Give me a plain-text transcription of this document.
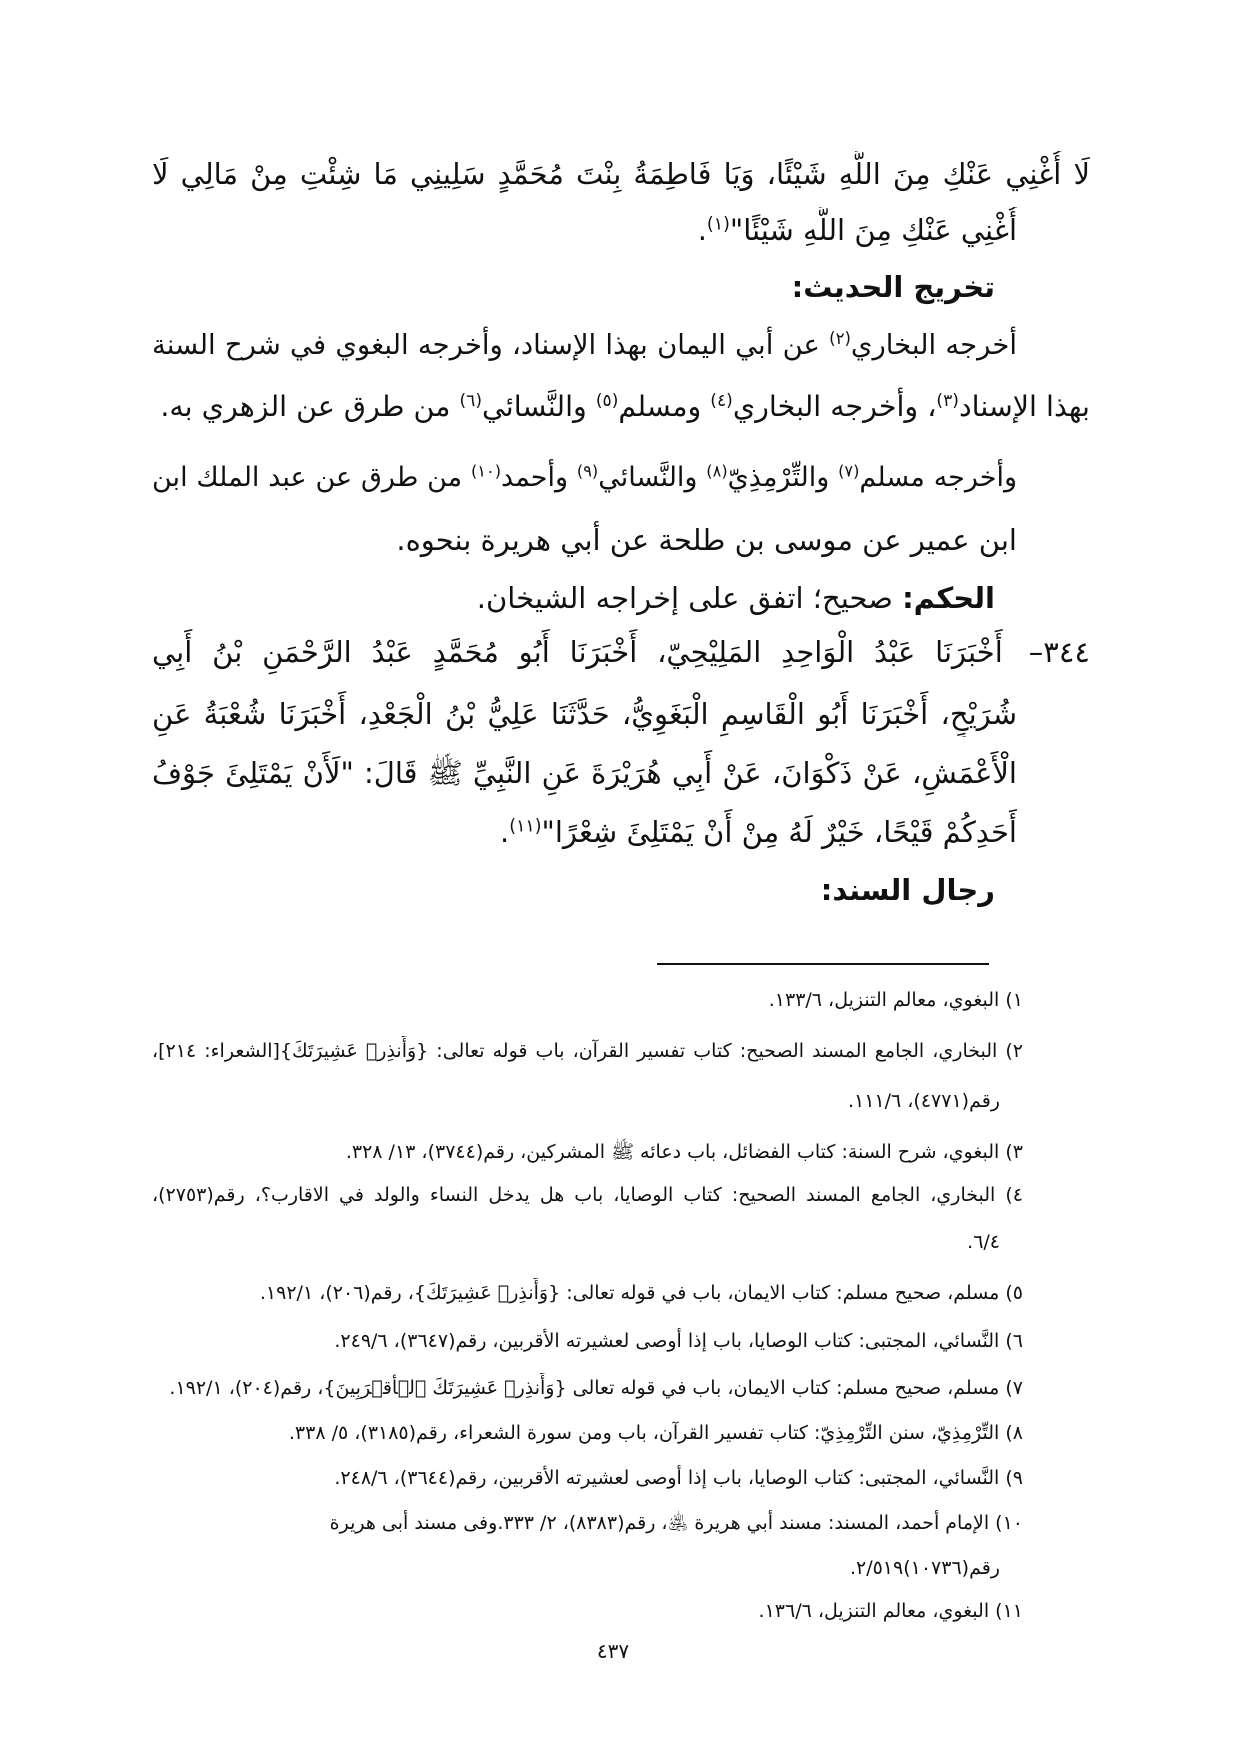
لَا أُغْنِي عَنْكِ مِنَ اللَّهِ شَيْئًا، وَيَا فَاطِمَةُ بِنْتَ مُحَمَّدٍ سَلِينِي مَا شِئْتِ مِنْ مَالِي لَا
أُغْنِي عَنْكِ مِنَ اللَّهِ شَيْئًا"$^{(١)}$.
تخريج الحديث:
أخرجه البخاري$^{(٢)}$ عن أبي اليمان بهذا الإسناد، وأخرجه البغوي في شرح السنة
بهذا الإسناد$^{(٣)}$، وأخرجه البخاري$^{(٤)}$ ومسلم$^{(٥)}$ والنَّسائي$^{(٦)}$ من طرق عن الزهري به.
وأخرجه مسلم$^{(٧)}$ والتِّرْمِذِيّ$^{(٨)}$ والنَّسائي$^{(٩)}$ وأحمد$^{(١٠)}$ من طرق عن عبد الملك ابن
ابن عمير عن موسى بن طلحة عن أبي هريرة بنحوه.
الحكم: صحيح؛ اتفق على إخراجه الشيخان.
٣٤٤–أَخْبَرَنَا عَبْدُ الْوَاحِدِ المَلِيْحِيّ، أَخْبَرَنَا أَبُو مُحَمَّدٍ عَبْدُ الرَّحْمَنِ بْنُ أَبِي
شُرَيْحٍ، أَخْبَرَنَا أَبُو الْقَاسِمِ الْبَغَوِيُّ، حَدَّثَنَا عَلِيُّ بْنُ الْجَعْدِ، أَخْبَرَنَا شُعْبَةُ عَنِ
الْأَعْمَشِ، عَنْ ذَكْوَانَ، عَنْ أَبِي هُرَيْرَةَ عَنِ النَّبِيِّ ﷺ قَالَ: "لَأَنْ يَمْتَلِئَ جَوْفُ
أَحَدِكُمْ قَيْحًا، خَيْرٌ لَهُ مِنْ أَنْ يَمْتَلِئَ شِعْرًا"$^{(١١)}$.
رجال السند:
١) البغوي، معالم التنزيل، ١٣٣/٦.
٢) البخاري، الجامع المسند الصحيح: كتاب تفسير القرآن، باب قوله تعالى: {وَأَنذِرۡ عَشِيرَتَكَ}[الشعراء: ٢١٤]،
رقم(٤٧٧١)، ١١١/٦.
٣) البغوي، شرح السنة: كتاب الفضائل، باب دعائه ﷺ المشركين، رقم(٣٧٤٤)، ١٣/ ٣٢٨.
٤) البخاري، الجامع المسند الصحيح: كتاب الوصايا، باب هل يدخل النساء والولد في الاقارب؟، رقم(٢٧٥٣)،
٦/٤.
٥) مسلم، صحيح مسلم: كتاب الايمان، باب في قوله تعالى: {وَأَنذِرۡ عَشِيرَتَكَ}، رقم(٢٠٦)، ١٩٢/١.
٦) النَّسائي، المجتبى: كتاب الوصايا، باب إذا أوصى لعشيرته الأقربين، رقم(٣٦٤٧)، ٢٤٩/٦.
٧) مسلم، صحيح مسلم: كتاب الايمان، باب في قوله تعالى {وَأَنذِرۡ عَشِيرَتَكَ ٱلۡأَقۡرَبِينَ}، رقم(٢٠٤)، ١٩٢/١.
٨) التِّرْمِذِيّ، سنن التِّرْمِذِيّ: كتاب تفسير القرآن، باب ومن سورة الشعراء، رقم(٣١٨٥)، ٥/ ٣٣٨.
٩) النَّسائي، المجتبى: كتاب الوصايا، باب إذا أوصى لعشيرته الأقربين، رقم(٣٦٤٤)، ٢٤٨/٦.
١٠) الإمام أحمد، المسند: مسند أبي هريرة ﵁، رقم(٨٣٨٣)، ٢/ ٣٣٣.وفى مسند أبى هريرة
رقم(١٠٧٣٦)٢/٥١٩.
١١) البغوي، معالم التنزيل، ١٣٦/٦.
٤٣٧
